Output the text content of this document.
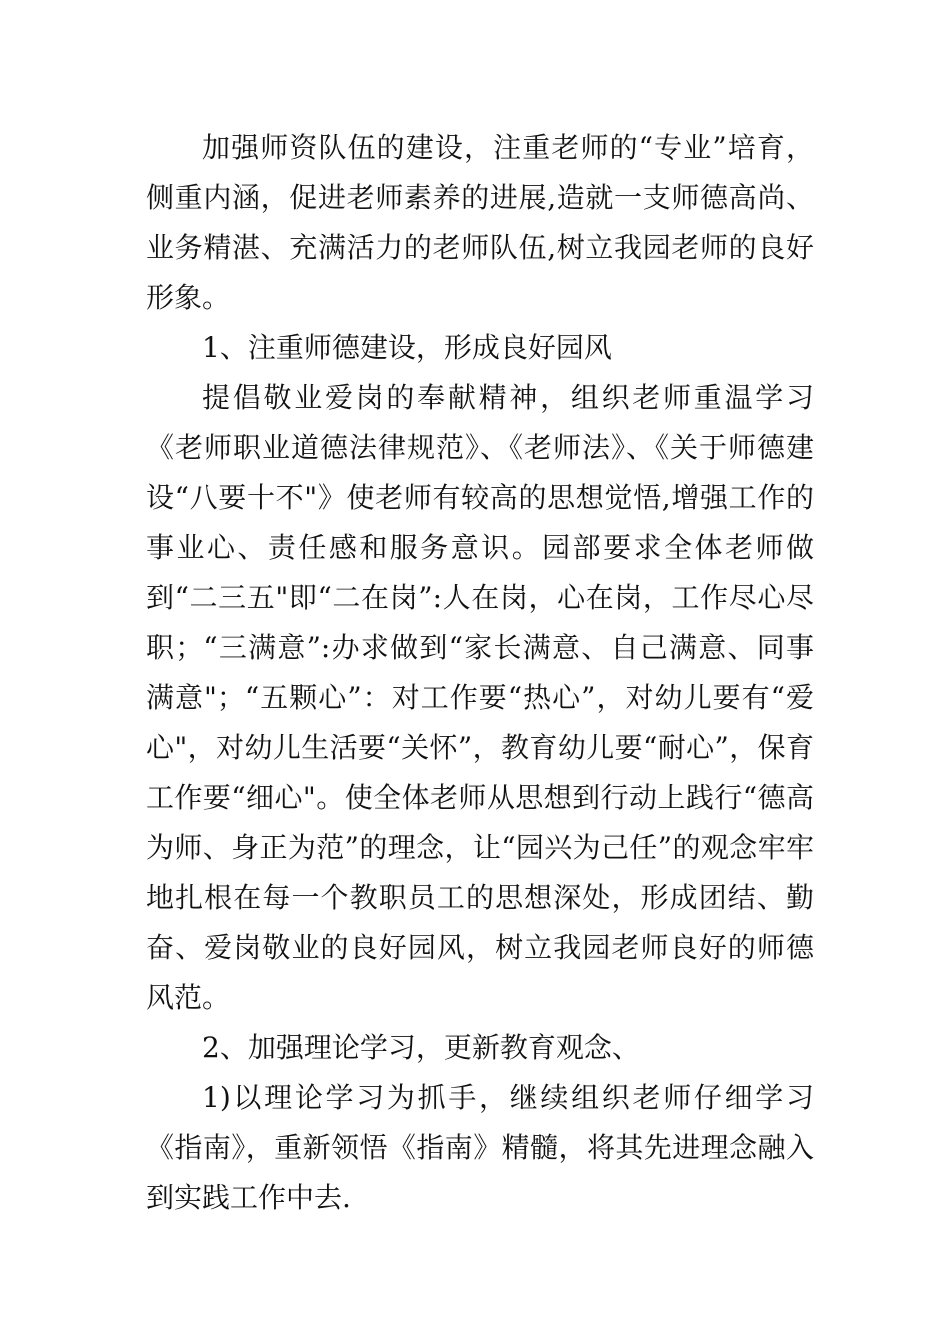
加强师资队伍的建设，注重老师的“专业”培育，侧重内涵，促进老师素养的进展,造就一支师德高尚、业务精湛、充满活力的老师队伍,树立我园老师的良好形象。

1、注重师德建设，形成良好园风

提倡敬业爱岗的奉献精神，组织老师重温学习《老师职业道德法律规范》、《老师法》、《关于师德建设“八要十不"》使老师有较高的思想觉悟,增强工作的事业心、责任感和服务意识。园部要求全体老师做到“二三五"即“二在岗”:人在岗，心在岗，工作尽心尽职；“三满意”:办求做到“家长满意、自己满意、同事满意"；“五颗心”：对工作要“热心”，对幼儿要有“爱心"，对幼儿生活要“关怀”，教育幼儿要“耐心”，保育工作要“细心"。使全体老师从思想到行动上践行“德高为师、身正为范”的理念，让“园兴为己任”的观念牢牢地扎根在每一个教职员工的思想深处，形成团结、勤奋、爱岗敬业的良好园风，树立我园老师良好的师德风范。

2、加强理论学习，更新教育观念、

1)以理论学习为抓手，继续组织老师仔细学习《指南》，重新领悟《指南》精髓，将其先进理念融入到实践工作中去.
